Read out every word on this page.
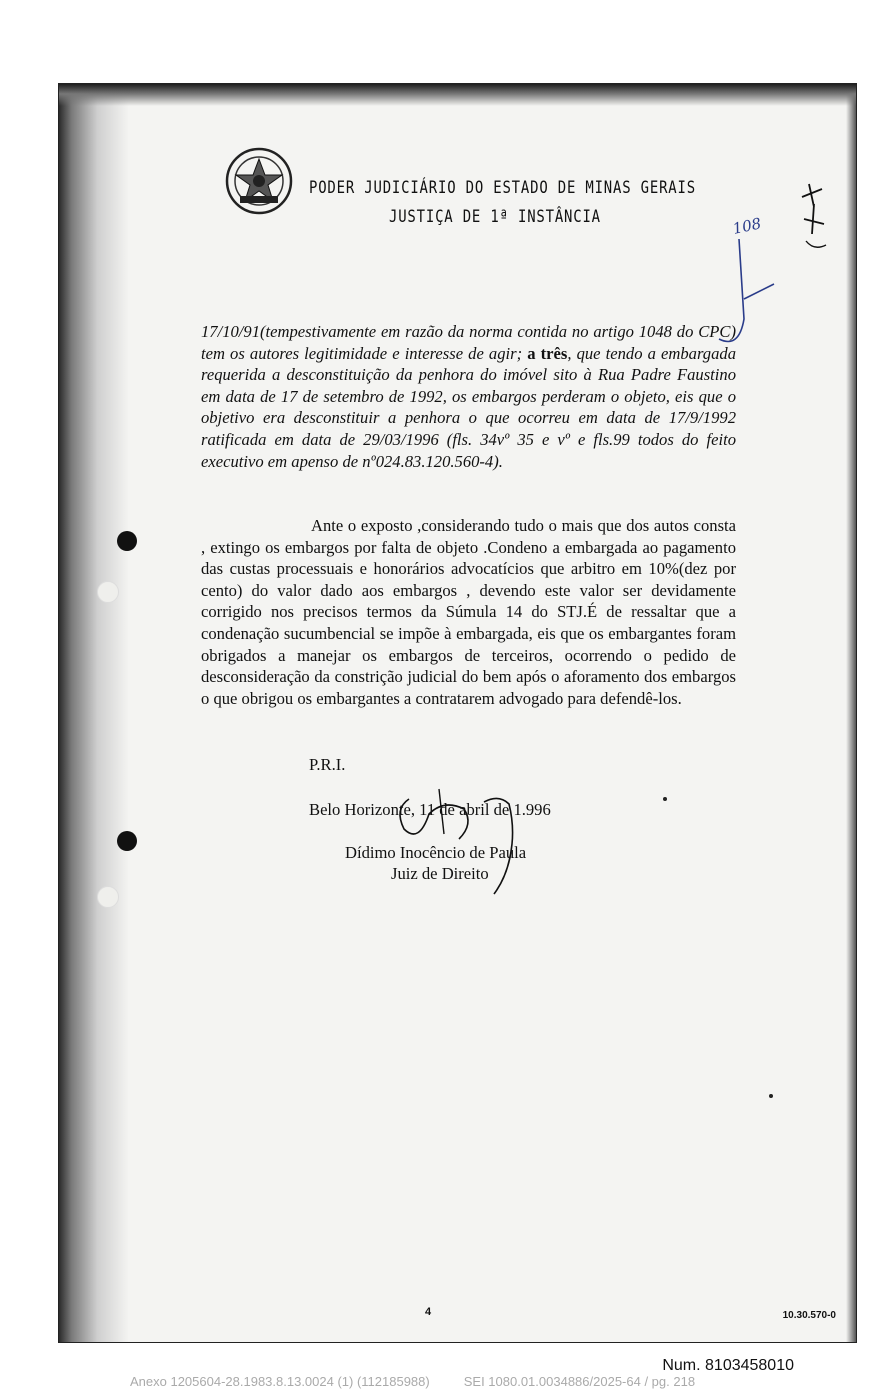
PODER JUDICIÁRIO DO ESTADO DE MINAS GERAIS
JUSTIÇA DE 1ª INSTÂNCIA	108
17/10/91(tempestivamente em razão da norma contida no artigo 1048 do CPC) tem os autores legitimidade e interesse de agir; a três, que tendo a embargada requerida a desconstituição da penhora do imóvel sito à Rua Padre Faustino em data de 17 de setembro de 1992, os embargos perderam o objeto, eis que o objetivo era desconstituir a penhora o que ocorreu em data de 17/9/1992 ratificada em data de 29/03/1996 (fls. 34vº 35 e vº e fls.99 todos do feito executivo em apenso de nº024.83.120.560-4).
Ante o exposto ,considerando tudo o mais que dos autos consta , extingo os embargos por falta de objeto .Condeno a embargada ao pagamento das custas processuais e honorários advocatícios que arbitro em 10%(dez por cento) do valor dado aos embargos , devendo este valor ser devidamente corrigido nos precisos termos da Súmula 14 do STJ.É de ressaltar que a condenação sucumbencial se impõe à embargada, eis que os embargantes foram obrigados a manejar os embargos de terceiros, ocorrendo o pedido de desconsideração da constrição judicial do bem após o aforamento dos embargos o que obrigou os embargantes a contratarem advogado para defendê-los.
P.R.I.
Belo Horizonte, 11 de abril de 1.996
Dídimo Inocêncio de Paula
Juiz de Direito
4	10.30.570-0
Num. 8103458010
Anexo 1205604-28.1983.8.13.0024 (1) (112185988)	SEI 1080.01.0034886/2025-64 / pg. 218
